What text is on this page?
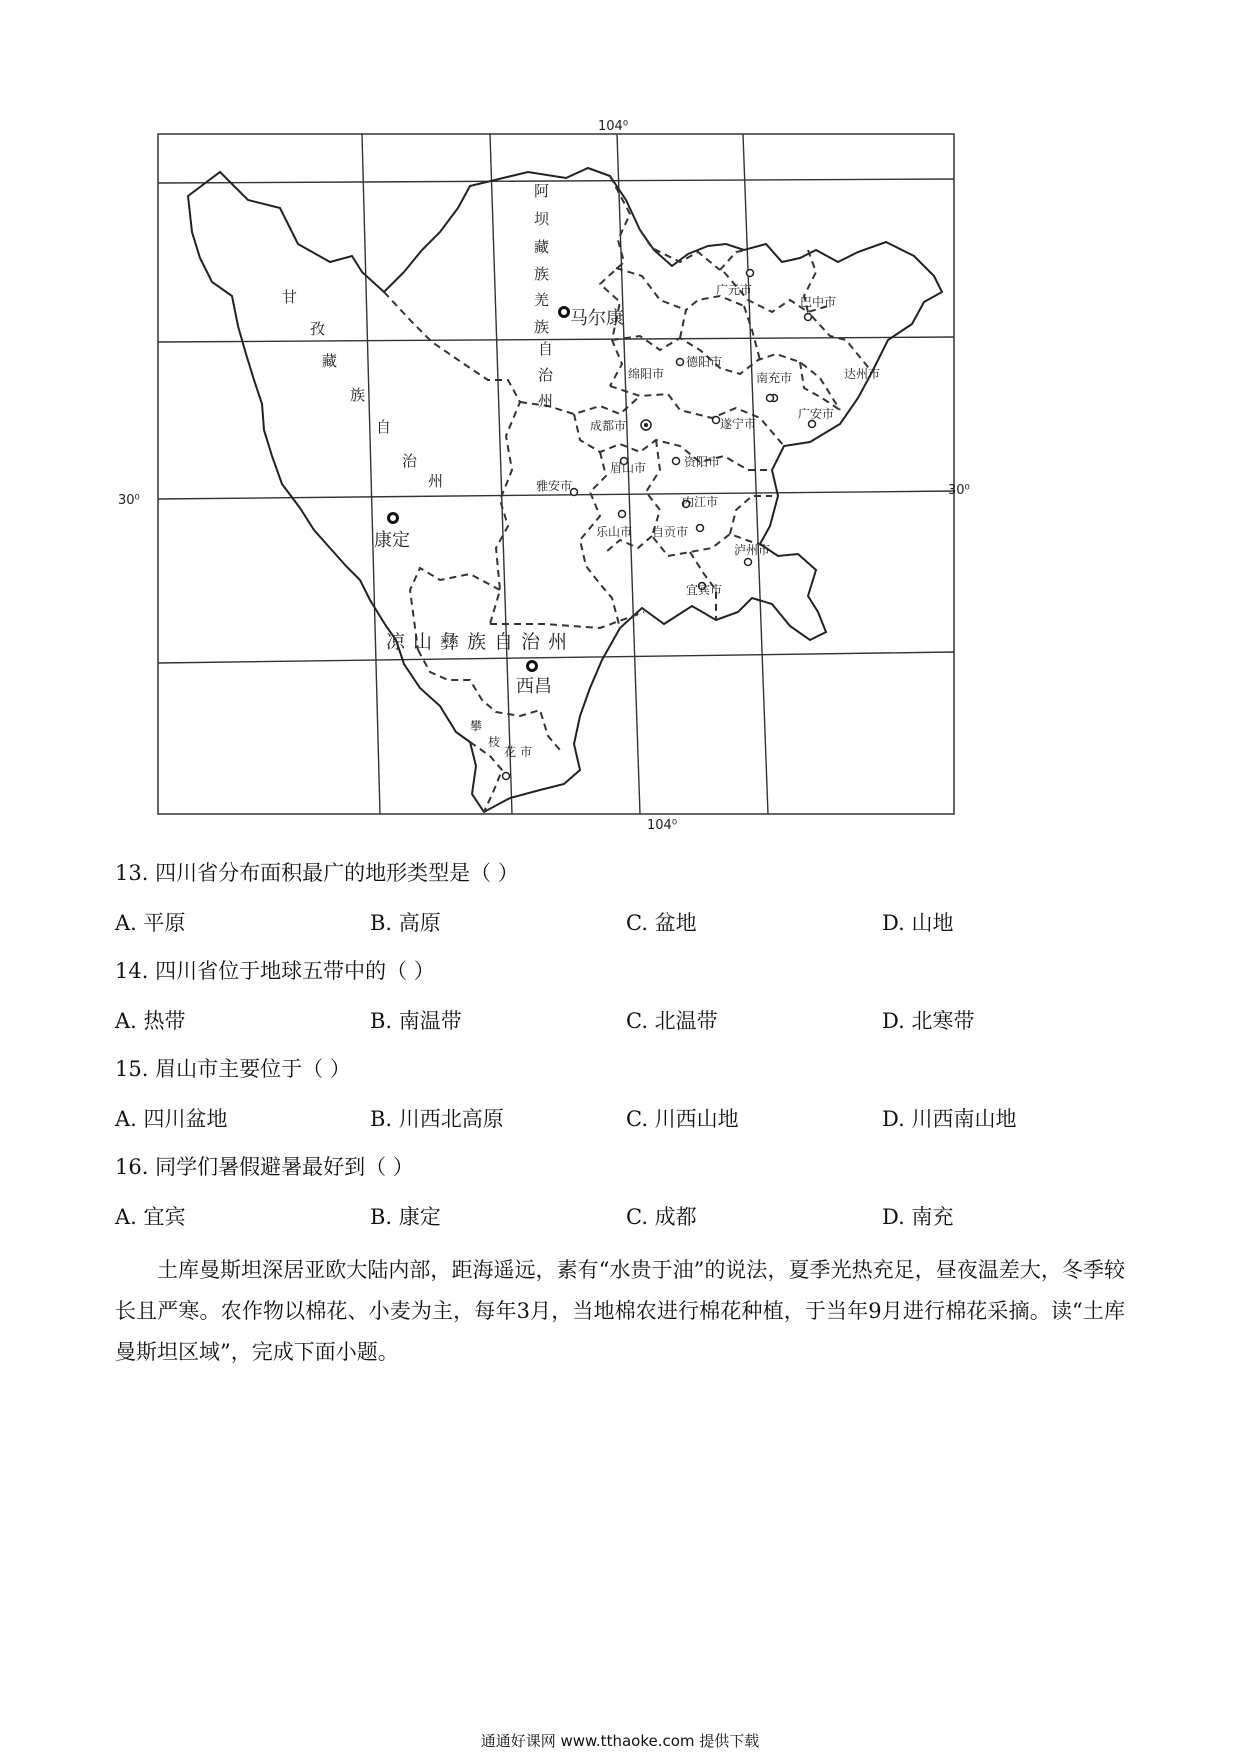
104⁰
104⁰
30⁰
30⁰
甘
孜
藏
族
自
治
州
阿
坝
藏
族
羌
族
自
治
州
凉山彝族自治州
马尔康
康定
西昌
广元市
巴中市
德阳市
绵阳市	南充市	达州市
成都市	遂宁市
广安市
眉山市	资阳市
雅安市
内江市
乐山市 自贡市
泸州市
宜宾市
攀
枝
花 市
13. 四川省分布面积最广的地形类型是（ ）
A. 平原	B. 高原	C. 盆地	D. 山地
14. 四川省位于地球五带中的（ ）
A. 热带	B. 南温带	C. 北温带	D. 北寒带
15. 眉山市主要位于（ ）
A. 四川盆地	B. 川西北高原	C. 川西山地	D. 川西南山地
16. 同学们暑假避暑最好到（ ）
A. 宜宾	B. 康定	C. 成都	D. 南充
土库曼斯坦深居亚欧大陆内部，距海遥远，素有“水贵于油”的说法，夏季光热充足，昼夜温差大，冬季较长且严寒。农作物以棉花、小麦为主，每年3月，当地棉农进行棉花种植，于当年9月进行棉花采摘。读“土库曼斯坦区域”，完成下面小题。
通通好课网 www.tthaoke.com 提供下载
